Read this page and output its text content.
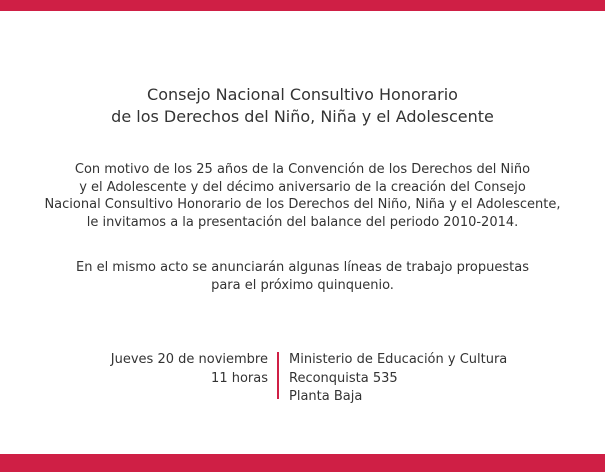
Consejo Nacional Consultivo Honorario
de los Derechos del Niño, Niña y el Adolescente
Con motivo de los 25 años de la Convención de los Derechos del Niño
y el Adolescente y del décimo aniversario de la creación del Consejo
Nacional Consultivo Honorario de los Derechos del Niño, Niña y el Adolescente,
le invitamos a la presentación del balance del periodo 2010-2014.
En el mismo acto se anunciarán algunas líneas de trabajo propuestas
para el próximo quinquenio.
Jueves 20 de noviembre
11 horas
Ministerio de Educación y Cultura
Reconquista 535
Planta Baja
